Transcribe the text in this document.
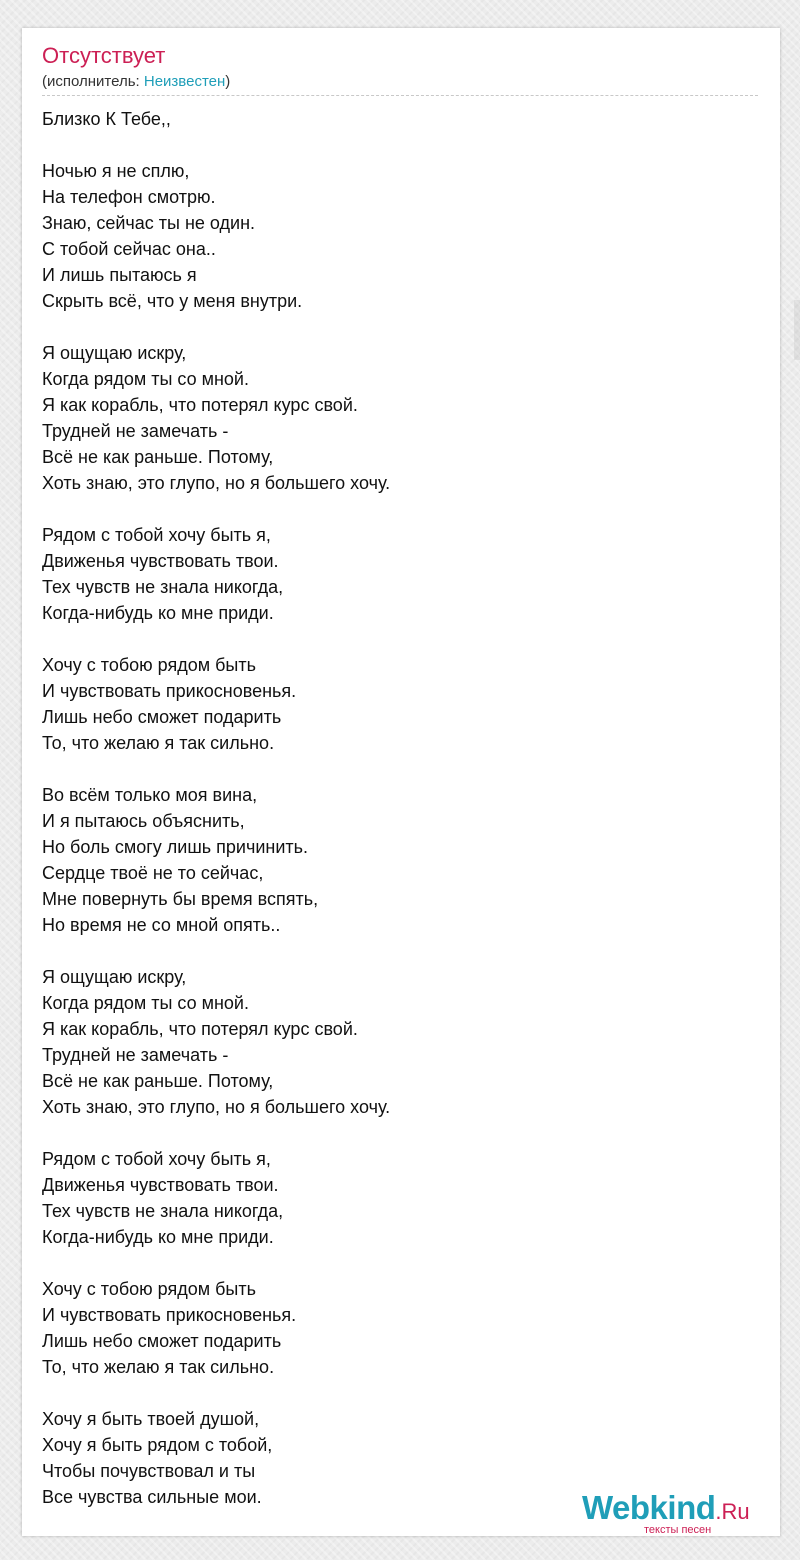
Отсутствует
(исполнитель: Неизвестен)
Близко К Тебе,,
Ночью я не сплю,
На телефон смотрю.
Знаю, сейчас ты не один.
С тобой сейчас она..
И лишь пытаюсь я
Скрыть всё, что у меня внутри.
Я ощущаю искру,
Когда рядом ты со мной.
Я как корабль, что потерял курс свой.
Трудней не замечать -
Всё не как раньше. Потому,
Хоть знаю, это глупо, но я большего хочу.
Рядом с тобой хочу быть я,
Движенья чувствовать твои.
Тех чувств не знала никогда,
Когда-нибудь ко мне приди.
Хочу с тобою рядом быть
И чувствовать прикосновенья.
Лишь небо сможет подарить
То, что желаю я так сильно.
Во всём только моя вина,
И я пытаюсь объяснить,
Но боль смогу лишь причинить.
Сердце твоё не то сейчас,
Мне повернуть бы время вспять,
Но время не со мной опять..
Я ощущаю искру,
Когда рядом ты со мной.
Я как корабль, что потерял курс свой.
Трудней не замечать -
Всё не как раньше. Потому,
Хоть знаю, это глупо, но я большего хочу.
Рядом с тобой хочу быть я,
Движенья чувствовать твои.
Тех чувств не знала никогда,
Когда-нибудь ко мне приди.
Хочу с тобою рядом быть
И чувствовать прикосновенья.
Лишь небо сможет подарить
То, что желаю я так сильно.
Хочу я быть твоей душой,
Хочу я быть рядом с тобой,
Чтобы почувствовал и ты
Все чувства сильные мои.	Webkind.Ru
тексты песен
